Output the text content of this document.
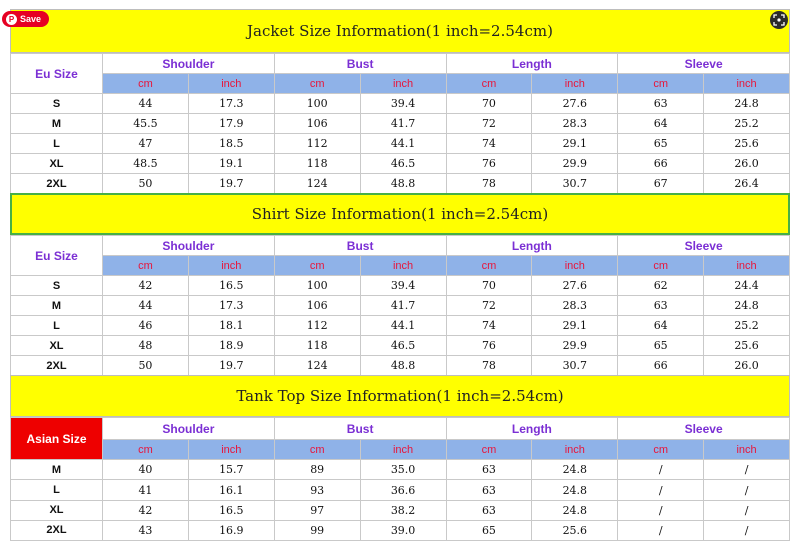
P Save
Jacket Size Information(1 inch=2.54cm)
Eu Size	Shoulder		Bust		Length		Sleeve	
	cm	inch	cm	inch	cm	inch	cm	inch
S	44	17.3	100	39.4	70	27.6	63	24.8
M	45.5	17.9	106	41.7	72	28.3	64	25.2
L	47	18.5	112	44.1	74	29.1	65	25.6
XL	48.5	19.1	118	46.5	76	29.9	66	26.0
2XL	50	19.7	124	48.8	78	30.7	67	26.4
Shirt Size Information(1 inch=2.54cm)
Eu Size	Shoulder		Bust		Length		Sleeve	
	cm	inch	cm	inch	cm	inch	cm	inch
S	42	16.5	100	39.4	70	27.6	62	24.4
M	44	17.3	106	41.7	72	28.3	63	24.8
L	46	18.1	112	44.1	74	29.1	64	25.2
XL	48	18.9	118	46.5	76	29.9	65	25.6
2XL	50	19.7	124	48.8	78	30.7	66	26.0
Tank Top Size Information(1 inch=2.54cm)
Asian Size	Shoulder		Bust		Length		Sleeve	
	cm	inch	cm	inch	cm	inch	cm	inch
M	40	15.7	89	35.0	63	24.8	/	/
L	41	16.1	93	36.6	63	24.8	/	/
XL	42	16.5	97	38.2	63	24.8	/	/
2XL	43	16.9	99	39.0	65	25.6	/	/
